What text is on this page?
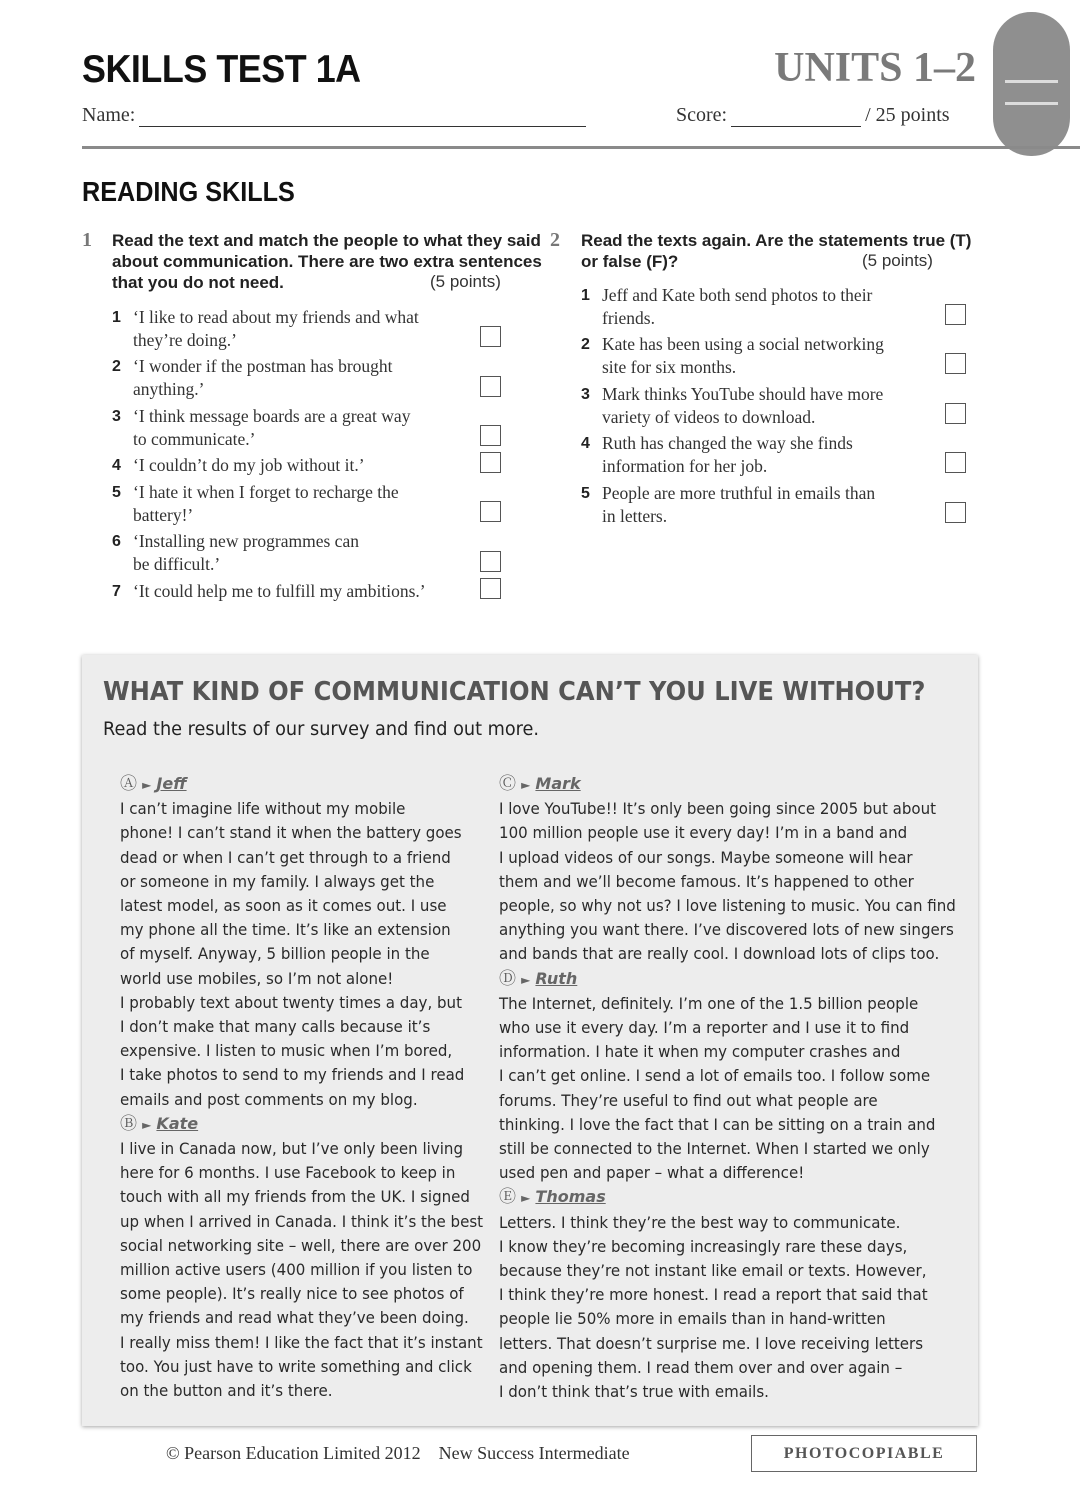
SKILLS TEST 1A	UNITS 1–2
Name:	Score:	/ 25 points
READING SKILLS
1 Read the text and match the people to what they said
about communication. There are two extra sentences
that you do not need.	(5 points)
1 ‘I like to read about my friends and what
they’re doing.’
2 ‘I wonder if the postman has brought
anything.’
3 ‘I think message boards are a great way
to communicate.’
4 ‘I couldn’t do my job without it.’
5 ‘I hate it when I forget to recharge the
battery!’
6 ‘Installing new programmes can
be difficult.’
7 ‘It could help me to fulfill my ambitions.’
2 Read the texts again. Are the statements true (T)
or false (F)?	(5 points)
1 Jeff and Kate both send photos to their
friends.
2 Kate has been using a social networking
site for six months.
3 Mark thinks YouTube should have more
variety of videos to download.
4 Ruth has changed the way she finds
information for her job.
5 People are more truthful in emails than
in letters.
WHAT KIND OF COMMUNICATION CAN’T YOU LIVE WITHOUT?
Read the results of our survey and find out more.
Ⓐ ► Jeff
I can’t imagine life without my mobile
phone! I can’t stand it when the battery goes
dead or when I can’t get through to a friend
or someone in my family. I always get the
latest model, as soon as it comes out. I use
my phone all the time. It’s like an extension
of myself. Anyway, 5 billion people in the
world use mobiles, so I’m not alone!
I probably text about twenty times a day, but
I don’t make that many calls because it’s
expensive. I listen to music when I’m bored,
I take photos to send to my friends and I read
emails and post comments on my blog.
Ⓑ ► Kate
I live in Canada now, but I’ve only been living
here for 6 months. I use Facebook to keep in
touch with all my friends from the UK. I signed
up when I arrived in Canada. I think it’s the best
social networking site – well, there are over 200
million active users (400 million if you listen to
some people). It’s really nice to see photos of
my friends and read what they’ve been doing.
I really miss them! I like the fact that it’s instant
too. You just have to write something and click
on the button and it’s there.
Ⓒ ► Mark
I love YouTube!! It’s only been going since 2005 but about
100 million people use it every day! I’m in a band and
I upload videos of our songs. Maybe someone will hear
them and we’ll become famous. It’s happened to other
people, so why not us? I love listening to music. You can find
anything you want there. I’ve discovered lots of new singers
and bands that are really cool. I download lots of clips too.
Ⓓ ► Ruth
The Internet, definitely. I’m one of the 1.5 billion people
who use it every day. I’m a reporter and I use it to find
information. I hate it when my computer crashes and
I can’t get online. I send a lot of emails too. I follow some
forums. They’re useful to find out what people are
thinking. I love the fact that I can be sitting on a train and
still be connected to the Internet. When I started we only
used pen and paper – what a difference!
Ⓔ ► Thomas
Letters. I think they’re the best way to communicate.
I know they’re becoming increasingly rare these days,
because they’re not instant like email or texts. However,
I think they’re more honest. I read a report that said that
people lie 50% more in emails than in hand-written
letters. That doesn’t surprise me. I love receiving letters
and opening them. I read them over and over again –
I don’t think that’s true with emails.
© Pearson Education Limited 2012 New Success Intermediate	PHOTOCOPIABLE
